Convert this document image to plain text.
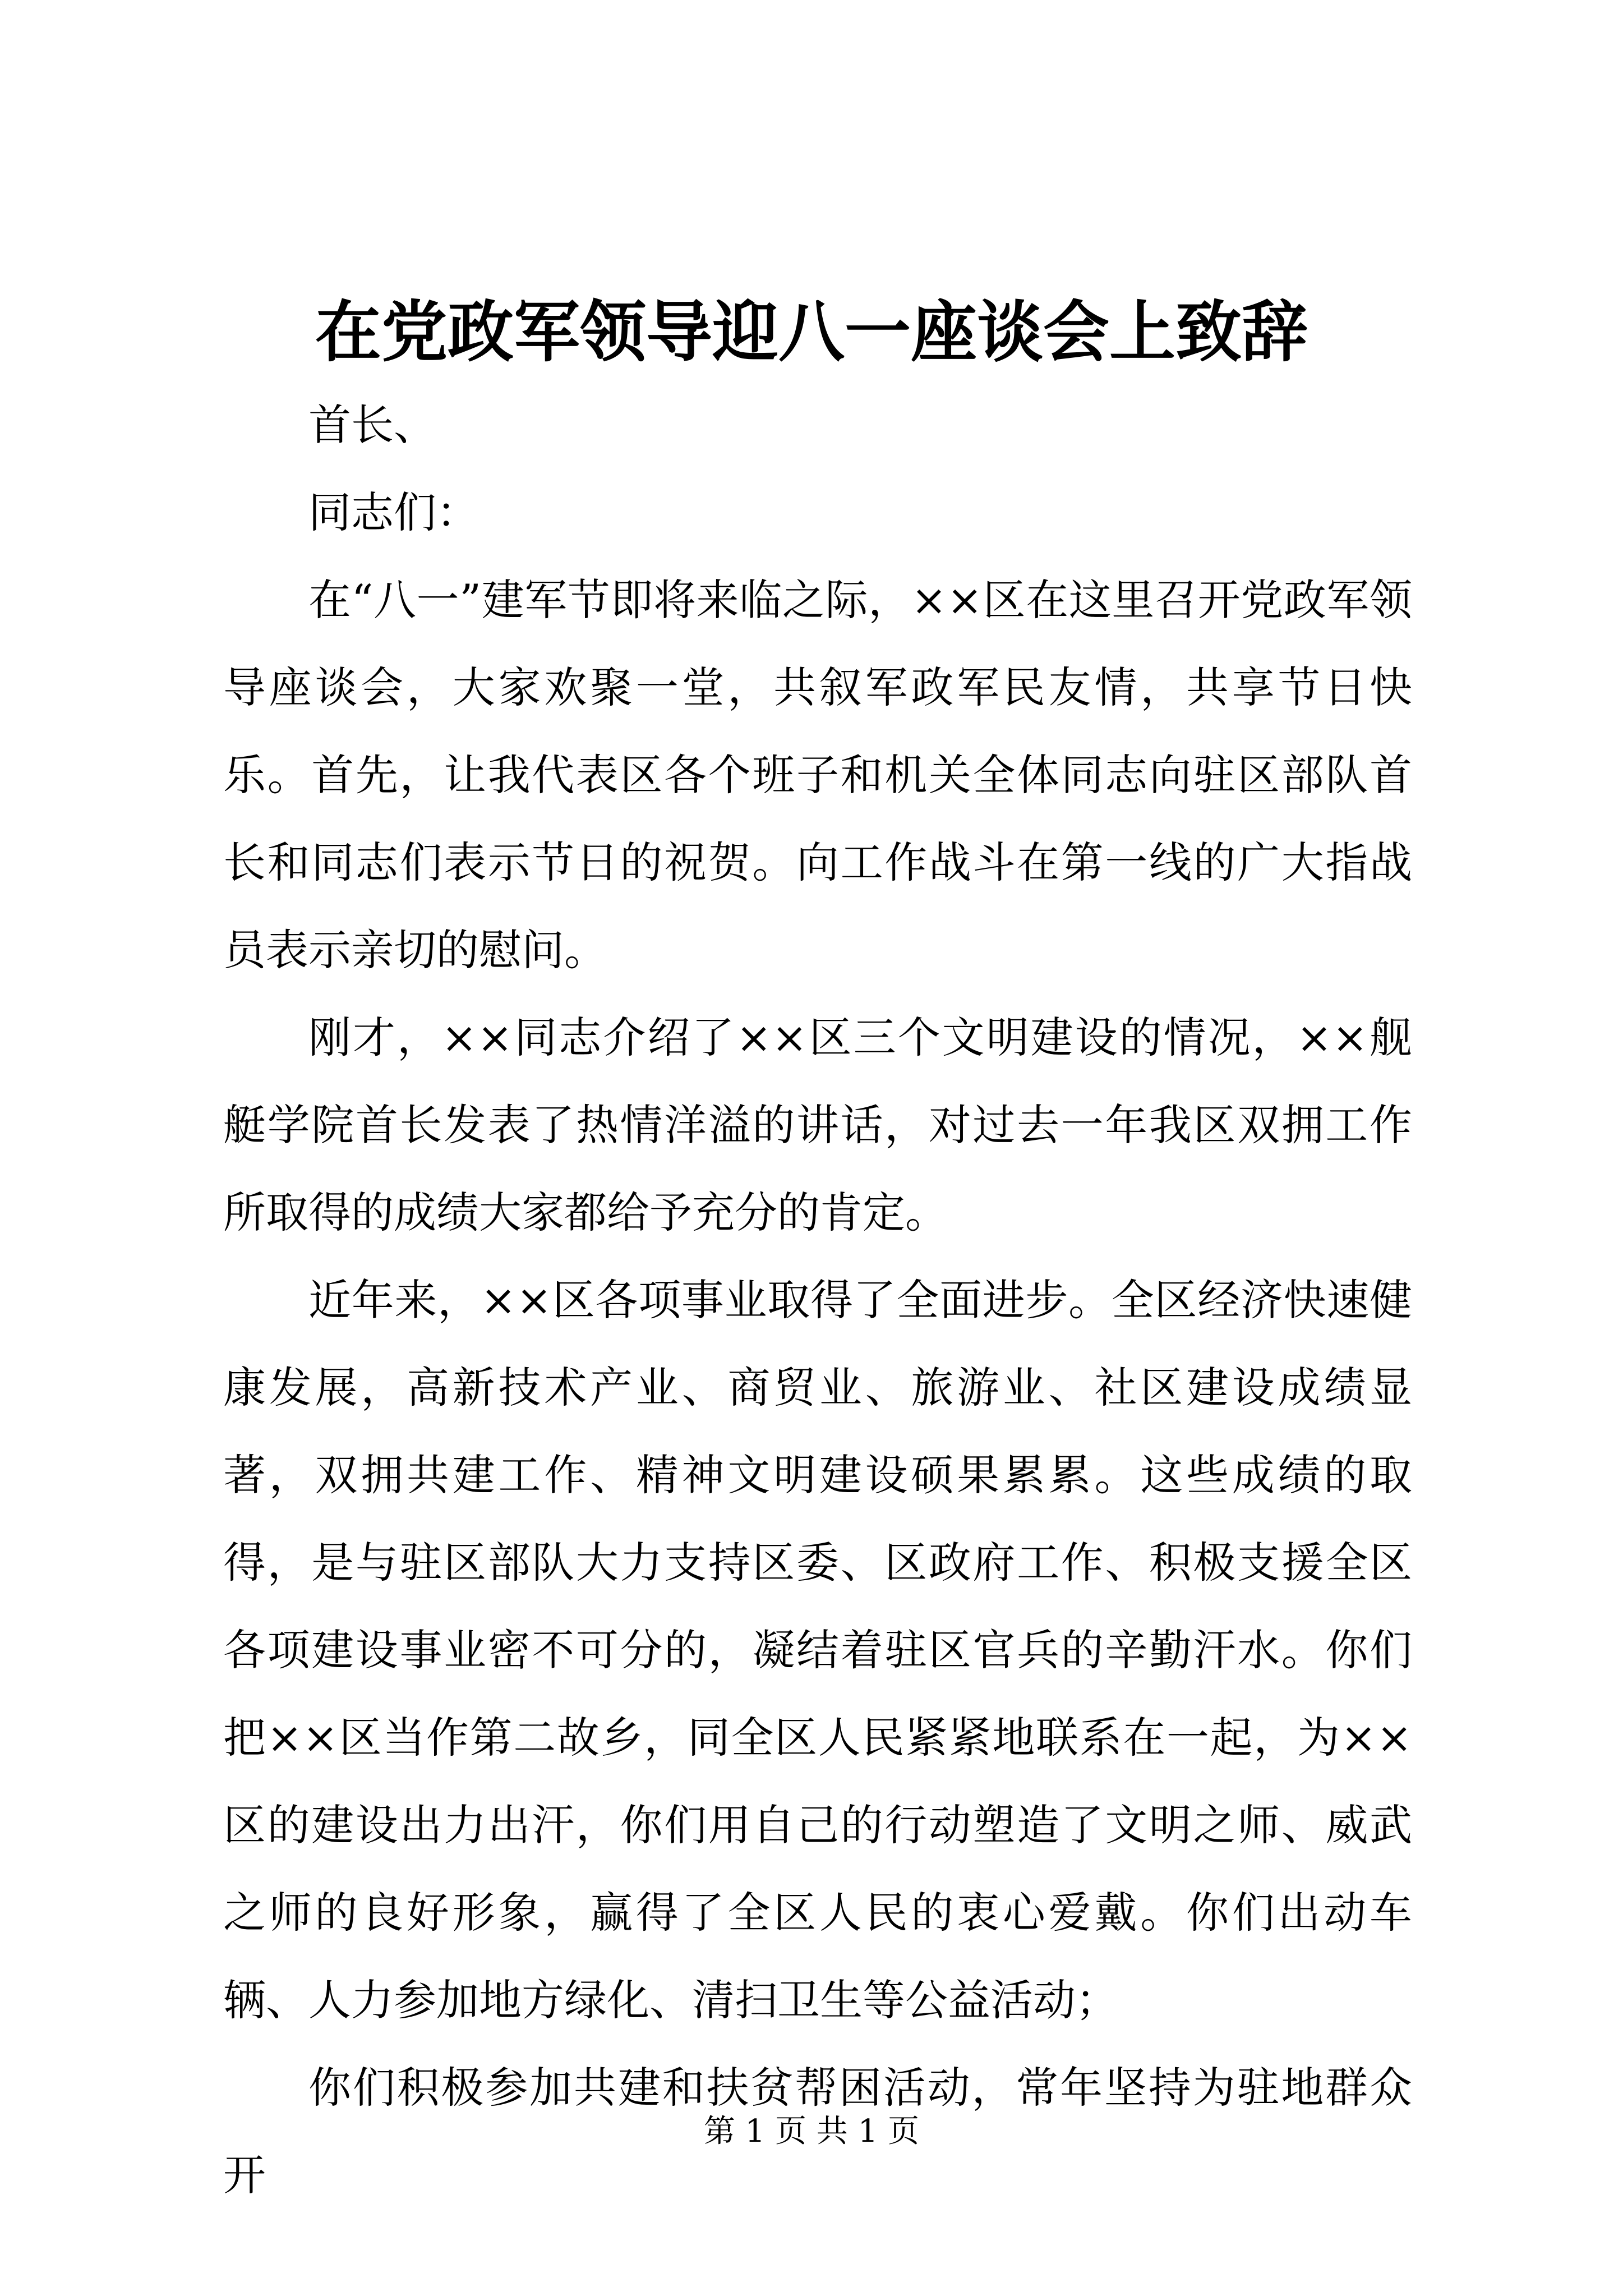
在党政军领导迎八一座谈会上致辞

首长、

同志们：

在“八一”建军节即将来临之际，××区在这里召开党政军领导座谈会，大家欢聚一堂，共叙军政军民友情，共享节日快乐。首先，让我代表区各个班子和机关全体同志向驻区部队首长和同志们表示节日的祝贺。向工作战斗在第一线的广大指战员表示亲切的慰问。

刚才，××同志介绍了××区三个文明建设的情况，××舰艇学院首长发表了热情洋溢的讲话，对过去一年我区双拥工作所取得的成绩大家都给予充分的肯定。

近年来，××区各项事业取得了全面进步。全区经济快速健康发展，高新技术产业、商贸业、旅游业、社区建设成绩显著，双拥共建工作、精神文明建设硕果累累。这些成绩的取得，是与驻区部队大力支持区委、区政府工作、积极支援全区各项建设事业密不可分的，凝结着驻区官兵的辛勤汗水。你们把××区当作第二故乡，同全区人民紧紧地联系在一起，为××区的建设出力出汗，你们用自己的行动塑造了文明之师、威武之师的良好形象，赢得了全区人民的衷心爱戴。你们出动车辆、人力参加地方绿化、清扫卫生等公益活动；

你们积极参加共建和扶贫帮困活动，常年坚持为驻地群众开

第 1 页 共 1 页
